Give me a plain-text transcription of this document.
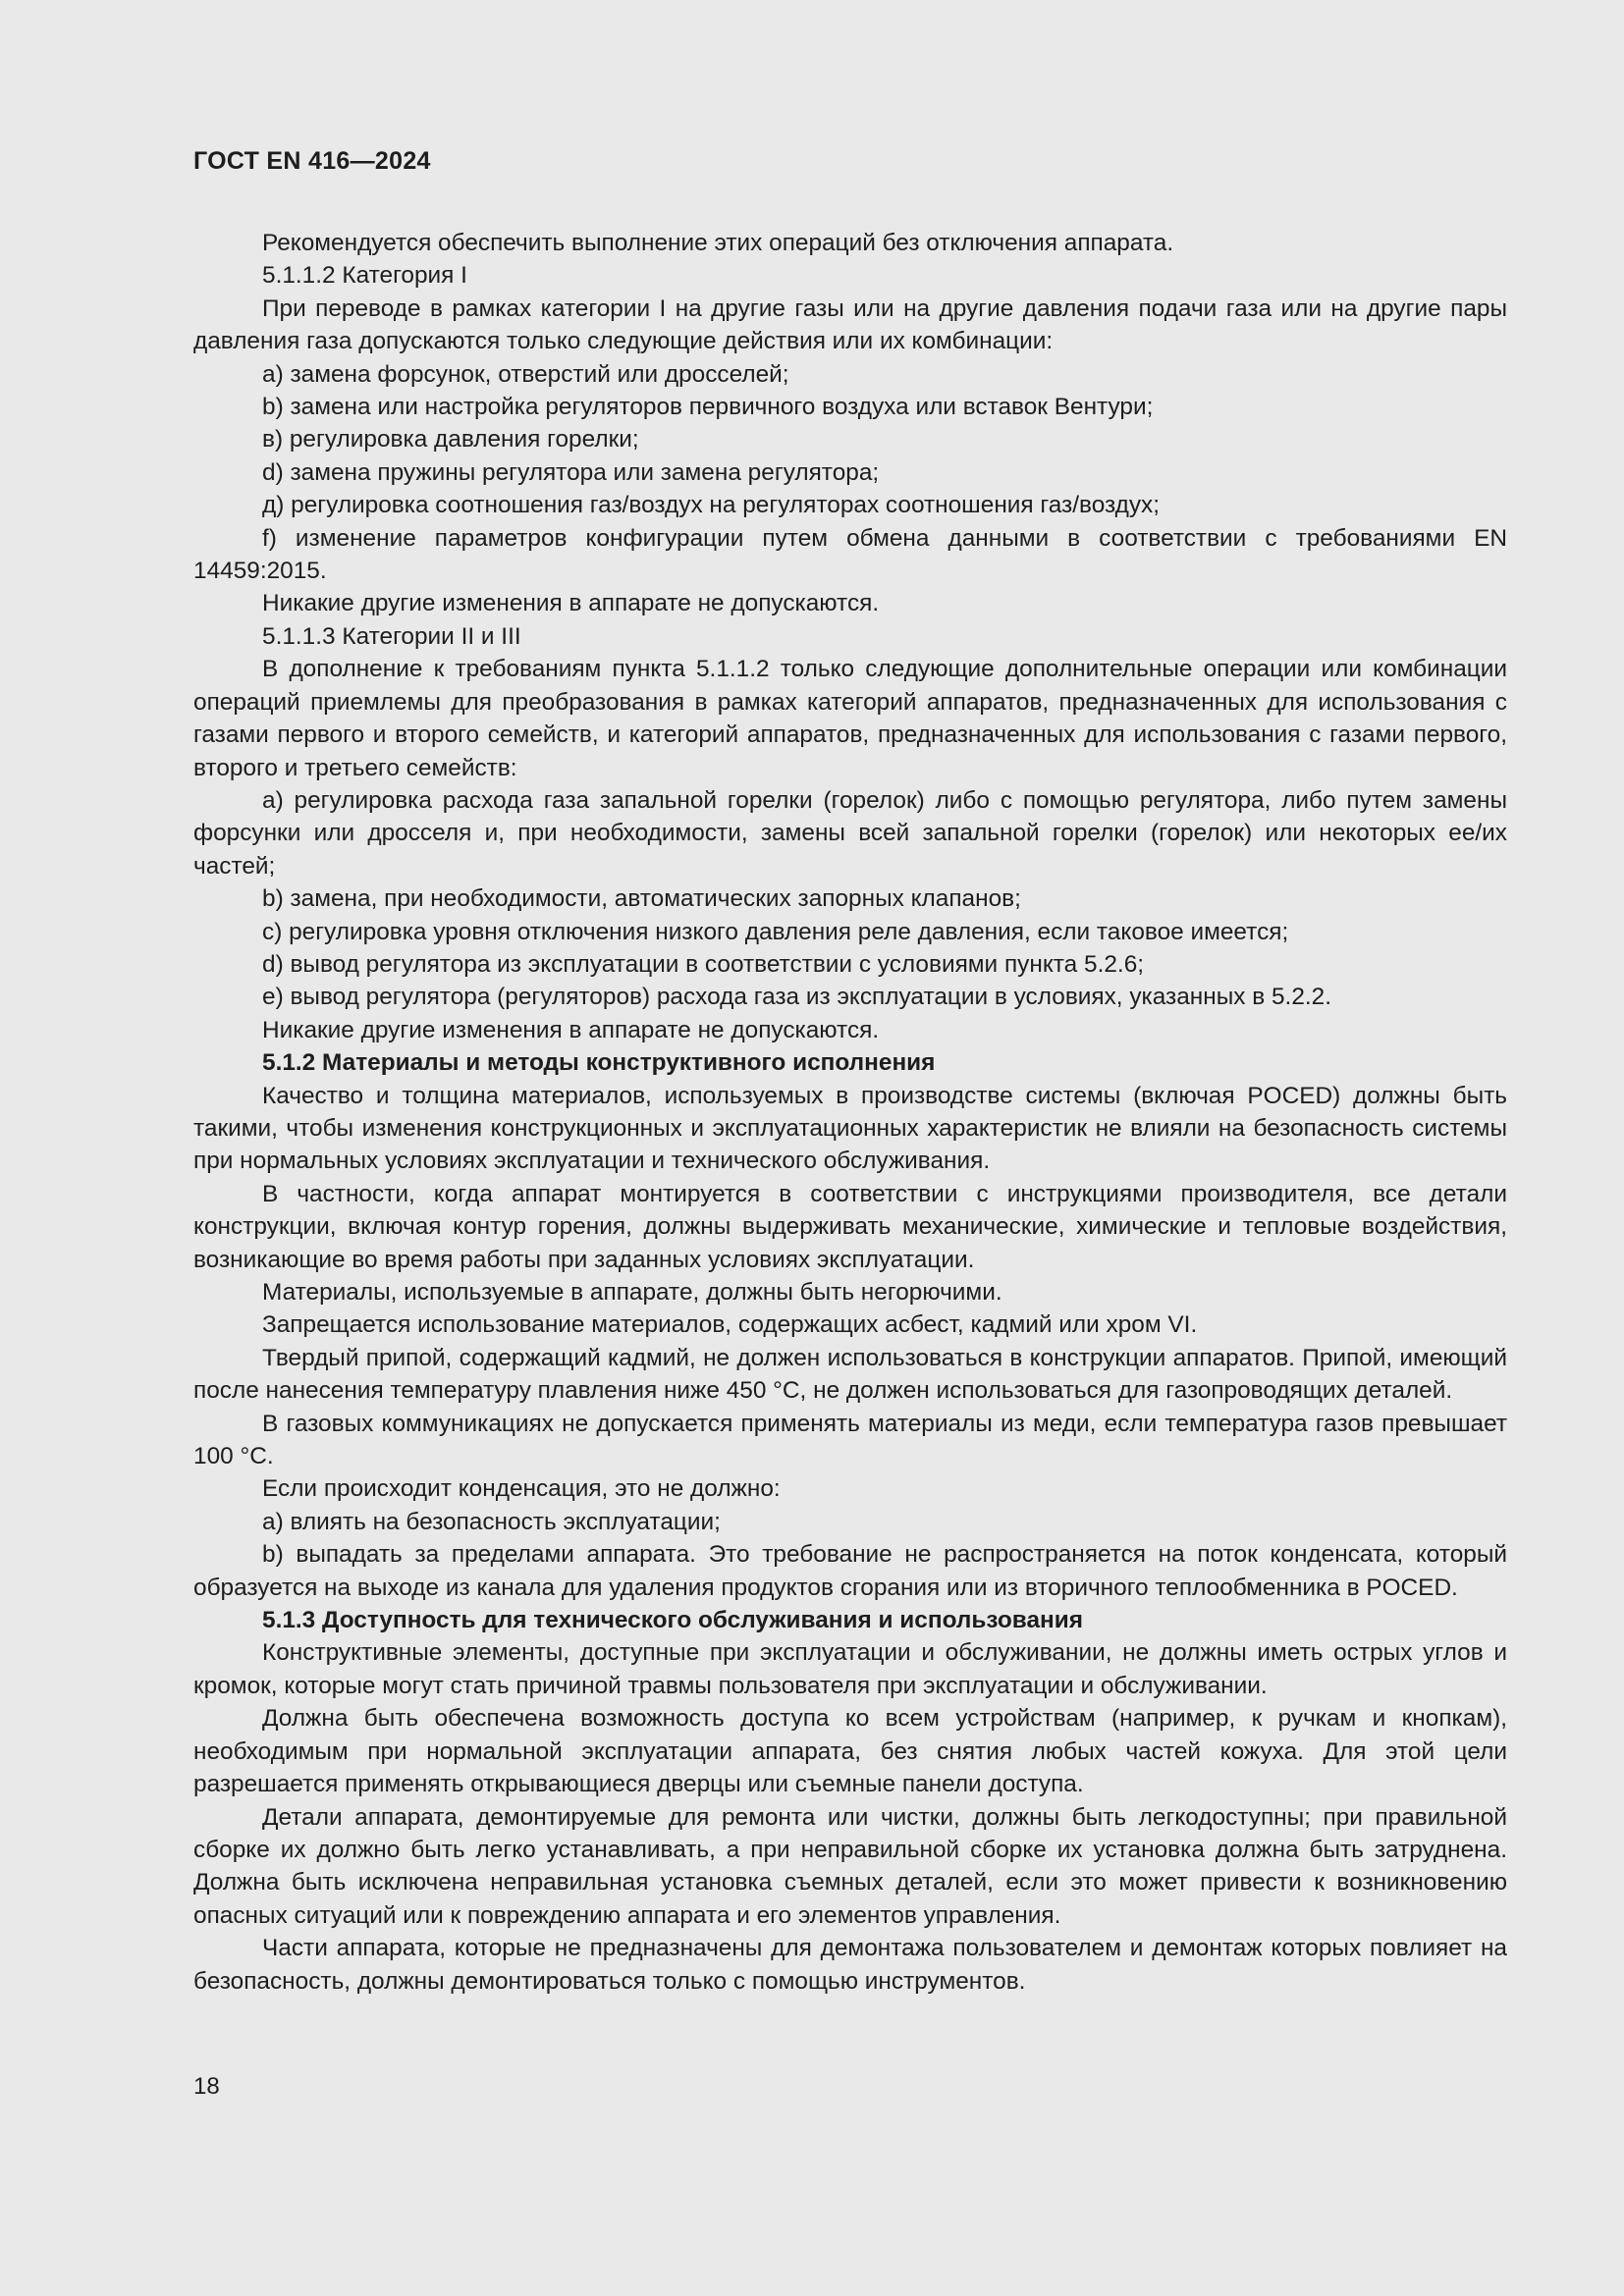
ГОСТ EN 416—2024

Рекомендуется обеспечить выполнение этих операций без отключения аппарата.

5.1.1.2 Категория I

При переводе в рамках категории I на другие газы или на другие давления подачи газа или на другие пары давления газа допускаются только следующие действия или их комбинации:

a) замена форсунок, отверстий или дросселей;

b) замена или настройка регуляторов первичного воздуха или вставок Вентури;

в) регулировка давления горелки;

d) замена пружины регулятора или замена регулятора;

д) регулировка соотношения газ/воздух на регуляторах соотношения газ/воздух;

f) изменение параметров конфигурации путем обмена данными в соответствии с требованиями EN 14459:2015.

Никакие другие изменения в аппарате не допускаются.

5.1.1.3 Категории II и III

В дополнение к требованиям пункта 5.1.1.2 только следующие дополнительные операции или комбинации операций приемлемы для преобразования в рамках категорий аппаратов, предназначенных для использования с газами первого и второго семейств, и категорий аппаратов, предназначенных для использования с газами первого, второго и третьего семейств:

a) регулировка расхода газа запальной горелки (горелок) либо с помощью регулятора, либо путем замены форсунки или дросселя и, при необходимости, замены всей запальной горелки (горелок) или некоторых ее/их частей;

b) замена, при необходимости, автоматических запорных клапанов;

c) регулировка уровня отключения низкого давления реле давления, если таковое имеется;

d) вывод регулятора из эксплуатации в соответствии с условиями пункта 5.2.6;

e) вывод регулятора (регуляторов) расхода газа из эксплуатации в условиях, указанных в 5.2.2.

Никакие другие изменения в аппарате не допускаются.

5.1.2 Материалы и методы конструктивного исполнения

Качество и толщина материалов, используемых в производстве системы (включая POCED) должны быть такими, чтобы изменения конструкционных и эксплуатационных характеристик не влияли на безопасность системы при нормальных условиях эксплуатации и технического обслуживания.

В частности, когда аппарат монтируется в соответствии с инструкциями производителя, все детали конструкции, включая контур горения, должны выдерживать механические, химические и тепловые воздействия, возникающие во время работы при заданных условиях эксплуатации.

Материалы, используемые в аппарате, должны быть негорючими.

Запрещается использование материалов, содержащих асбест, кадмий или хром VI.

Твердый припой, содержащий кадмий, не должен использоваться в конструкции аппаратов. Припой, имеющий после нанесения температуру плавления ниже 450 °C, не должен использоваться для газопроводящих деталей.

В газовых коммуникациях не допускается применять материалы из меди, если температура газов превышает 100 °C.

Если происходит конденсация, это не должно:

a) влиять на безопасность эксплуатации;

b) выпадать за пределами аппарата. Это требование не распространяется на поток конденсата, который образуется на выходе из канала для удаления продуктов сгорания или из вторичного теплообменника в POCED.

5.1.3 Доступность для технического обслуживания и использования

Конструктивные элементы, доступные при эксплуатации и обслуживании, не должны иметь острых углов и кромок, которые могут стать причиной травмы пользователя при эксплуатации и обслуживании.

Должна быть обеспечена возможность доступа ко всем устройствам (например, к ручкам и кнопкам), необходимым при нормальной эксплуатации аппарата, без снятия любых частей кожуха. Для этой цели разрешается применять открывающиеся дверцы или съемные панели доступа.

Детали аппарата, демонтируемые для ремонта или чистки, должны быть легкодоступны; при правильной сборке их должно быть легко устанавливать, а при неправильной сборке их установка должна быть затруднена. Должна быть исключена неправильная установка съемных деталей, если это может привести к возникновению опасных ситуаций или к повреждению аппарата и его элементов управления.

Части аппарата, которые не предназначены для демонтажа пользователем и демонтаж которых повлияет на безопасность, должны демонтироваться только с помощью инструментов.

18
